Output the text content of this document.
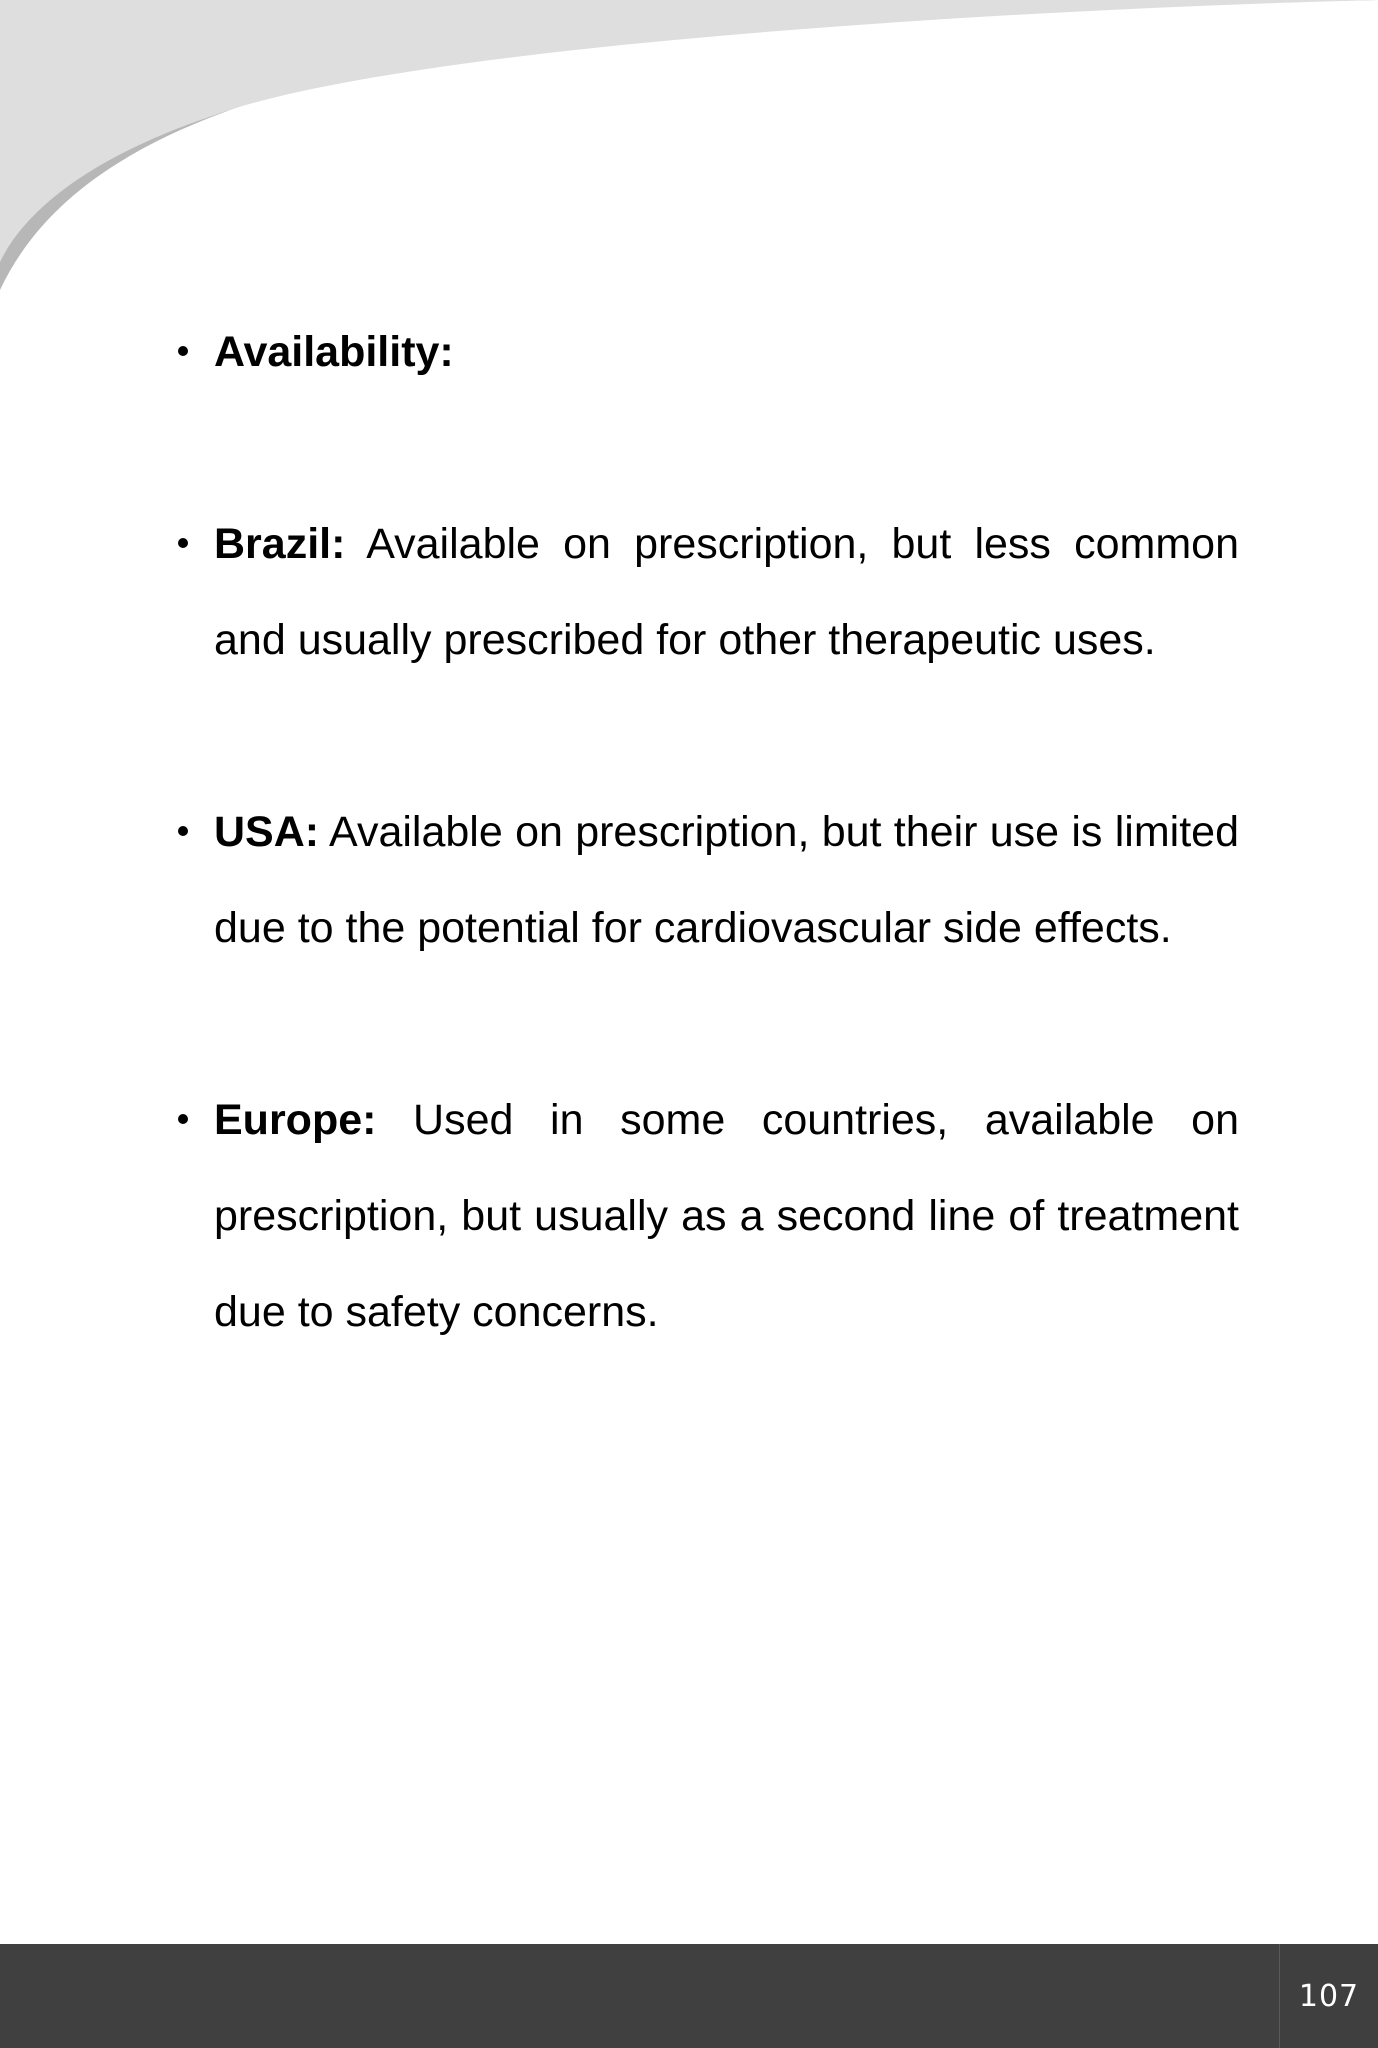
Availability:
Brazil: Available on prescription, but less common and usually prescribed for other therapeutic uses.
USA: Available on prescription, but their use is limited due to the potential for cardiovascular side effects.
Europe: Used in some countries, available on prescription, but usually as a second line of treatment due to safety concerns.
107
